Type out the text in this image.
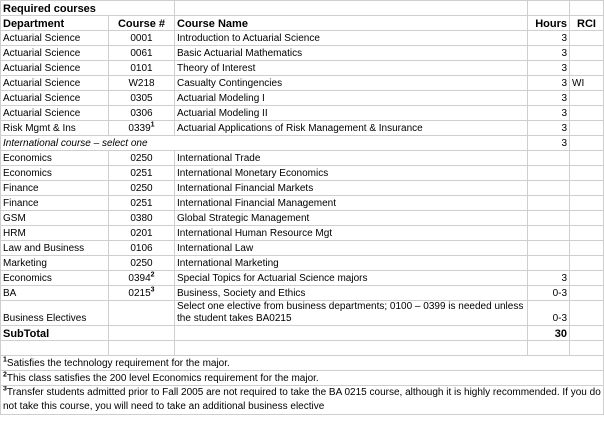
Required courses				
Department	Course #	Course Name	Hours	RCI
Actuarial Science	0001	Introduction to Actuarial Science	3	
Actuarial Science	0061	Basic Actuarial Mathematics	3	
Actuarial Science	0101	Theory of Interest	3	
Actuarial Science	W218	Casualty Contingencies	3	WI
Actuarial Science	0305	Actuarial Modeling I	3	
Actuarial Science	0306	Actuarial Modeling II	3	
Risk Mgmt & Ins	0339$^1$	Actuarial Applications of Risk Management & Insurance	3	
International course – select one			3	
Economics	0250	International Trade		
Economics	0251	International Monetary Economics		
Finance	0250	International Financial Markets		
Finance	0251	International Financial Management		
GSM	0380	Global Strategic Management		
HRM	0201	International Human Resource Mgt		
Law and Business	0106	International Law		
Marketing	0250	International Marketing		
Economics	0394$^2$	Special Topics for Actuarial Science majors	3	
BA	0215$^3$	Business, Society and Ethics	0-3	
Business Electives		Select one elective from business departments; 0100 – 0399 is needed unless the student takes BA0215	0-3	
SubTotal			30	

$^1$Satisfies the technology requirement for the major.				
$^2$This class satisfies the 200 level Economics requirement for the major.				
$^3$Transfer students admitted prior to Fall 2005 are not required to take the BA 0215 course, although it is highly recommended. If you do not take this course, you will need to take an additional business elective				
